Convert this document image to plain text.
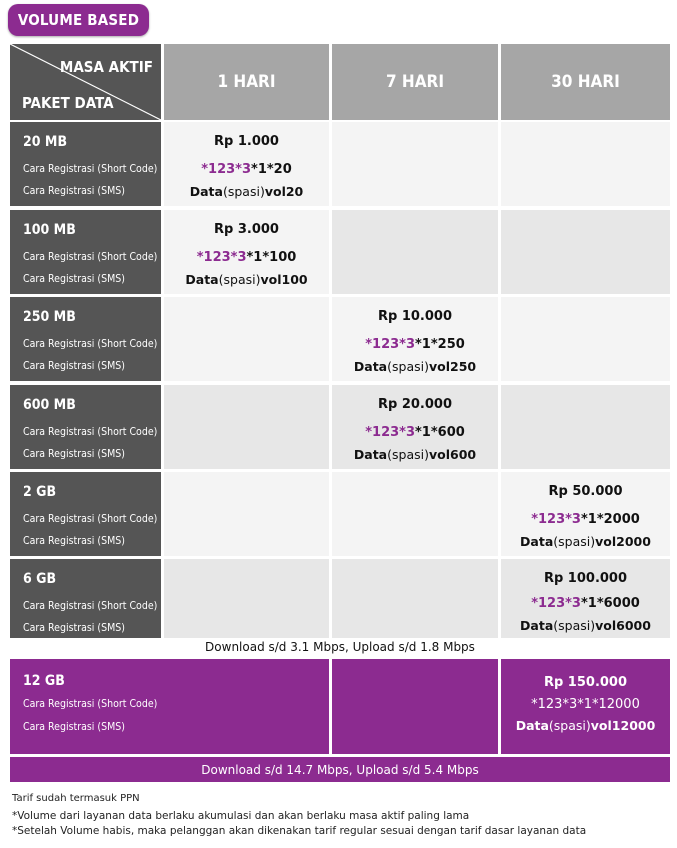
VOLUME BASED
MASA AKTIF
PAKET DATA
1 HARI	7 HARI	30 HARI
20 MB
Cara Registrasi (Short Code)
Cara Registrasi (SMS)
Rp 1.000
*123*3*1*20
Data(spasi)vol20
100 MB
Cara Registrasi (Short Code)
Cara Registrasi (SMS)
Rp 3.000
*123*3*1*100
Data(spasi)vol100
250 MB
Cara Registrasi (Short Code)
Cara Registrasi (SMS)
Rp 10.000
*123*3*1*250
Data(spasi)vol250
600 MB
Cara Registrasi (Short Code)
Cara Registrasi (SMS)
Rp 20.000
*123*3*1*600
Data(spasi)vol600
2 GB
Cara Registrasi (Short Code)
Cara Registrasi (SMS)
Rp 50.000
*123*3*1*2000
Data(spasi)vol2000
6 GB
Cara Registrasi (Short Code)
Cara Registrasi (SMS)
Rp 100.000
*123*3*1*6000
Data(spasi)vol6000
Download s/d 3.1 Mbps, Upload s/d 1.8 Mbps
12 GB
Cara Registrasi (Short Code)
Cara Registrasi (SMS)
Rp 150.000
*123*3*1*12000
Data(spasi)vol12000
Download s/d 14.7 Mbps, Upload s/d 5.4 Mbps
Tarif sudah termasuk PPN
*Volume dari layanan data berlaku akumulasi dan akan berlaku masa aktif paling lama
*Setelah Volume habis, maka pelanggan akan dikenakan tarif regular sesuai dengan tarif dasar layanan data
